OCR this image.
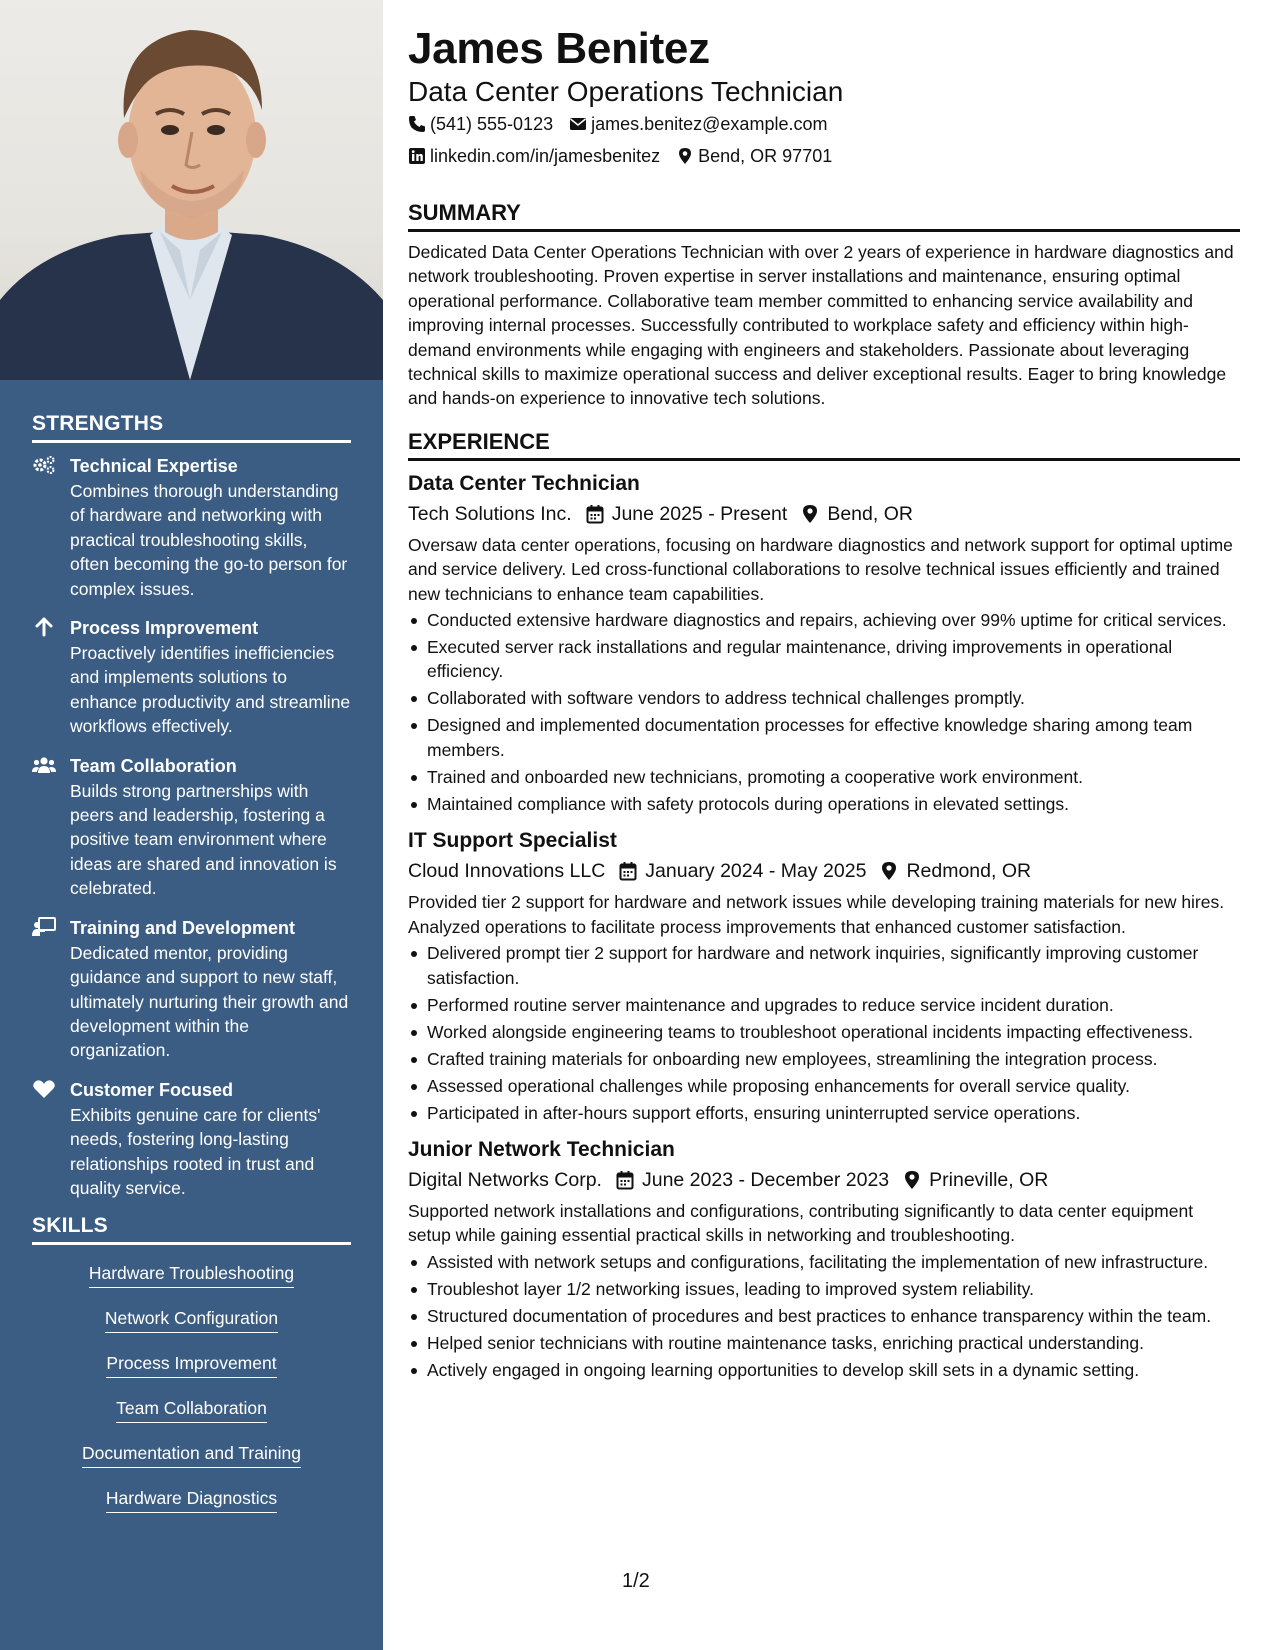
STRENGTHS
Technical Expertise
Combines thorough understanding of hardware and networking with practical troubleshooting skills, often becoming the go-to person for complex issues.
Process Improvement
Proactively identifies inefficiencies and implements solutions to enhance productivity and streamline workflows effectively.
Team Collaboration
Builds strong partnerships with peers and leadership, fostering a positive team environment where ideas are shared and innovation is celebrated.
Training and Development
Dedicated mentor, providing guidance and support to new staff, ultimately nurturing their growth and development within the organization.
Customer Focused
Exhibits genuine care for clients' needs, fostering long-lasting relationships rooted in trust and quality service.
SKILLS
Hardware Troubleshooting
Network Configuration
Process Improvement
Team Collaboration
Documentation and Training
Hardware Diagnostics
James Benitez
Data Center Operations Technician
(541) 555-0123 james.benitez@example.com
linkedin.com/in/jamesbenitez Bend, OR 97701
SUMMARY
Dedicated Data Center Operations Technician with over 2 years of experience in hardware diagnostics and network troubleshooting. Proven expertise in server installations and maintenance, ensuring optimal operational performance. Collaborative team member committed to enhancing service availability and improving internal processes. Successfully contributed to workplace safety and efficiency within high-demand environments while engaging with engineers and stakeholders. Passionate about leveraging technical skills to maximize operational success and deliver exceptional results. Eager to bring knowledge and hands-on experience to innovative tech solutions.
EXPERIENCE
Data Center Technician
Tech Solutions Inc. June 2025 - Present Bend, OR
Oversaw data center operations, focusing on hardware diagnostics and network support for optimal uptime and service delivery. Led cross-functional collaborations to resolve technical issues efficiently and trained new technicians to enhance team capabilities.
Conducted extensive hardware diagnostics and repairs, achieving over 99% uptime for critical services.
Executed server rack installations and regular maintenance, driving improvements in operational efficiency.
Collaborated with software vendors to address technical challenges promptly.
Designed and implemented documentation processes for effective knowledge sharing among team members.
Trained and onboarded new technicians, promoting a cooperative work environment.
Maintained compliance with safety protocols during operations in elevated settings.
IT Support Specialist
Cloud Innovations LLC January 2024 - May 2025 Redmond, OR
Provided tier 2 support for hardware and network issues while developing training materials for new hires. Analyzed operations to facilitate process improvements that enhanced customer satisfaction.
Delivered prompt tier 2 support for hardware and network inquiries, significantly improving customer satisfaction.
Performed routine server maintenance and upgrades to reduce service incident duration.
Worked alongside engineering teams to troubleshoot operational incidents impacting effectiveness.
Crafted training materials for onboarding new employees, streamlining the integration process.
Assessed operational challenges while proposing enhancements for overall service quality.
Participated in after-hours support efforts, ensuring uninterrupted service operations.
Junior Network Technician
Digital Networks Corp. June 2023 - December 2023 Prineville, OR
Supported network installations and configurations, contributing significantly to data center equipment setup while gaining essential practical skills in networking and troubleshooting.
Assisted with network setups and configurations, facilitating the implementation of new infrastructure.
Troubleshot layer 1/2 networking issues, leading to improved system reliability.
Structured documentation of procedures and best practices to enhance transparency within the team.
Helped senior technicians with routine maintenance tasks, enriching practical understanding.
Actively engaged in ongoing learning opportunities to develop skill sets in a dynamic setting.
1/2
